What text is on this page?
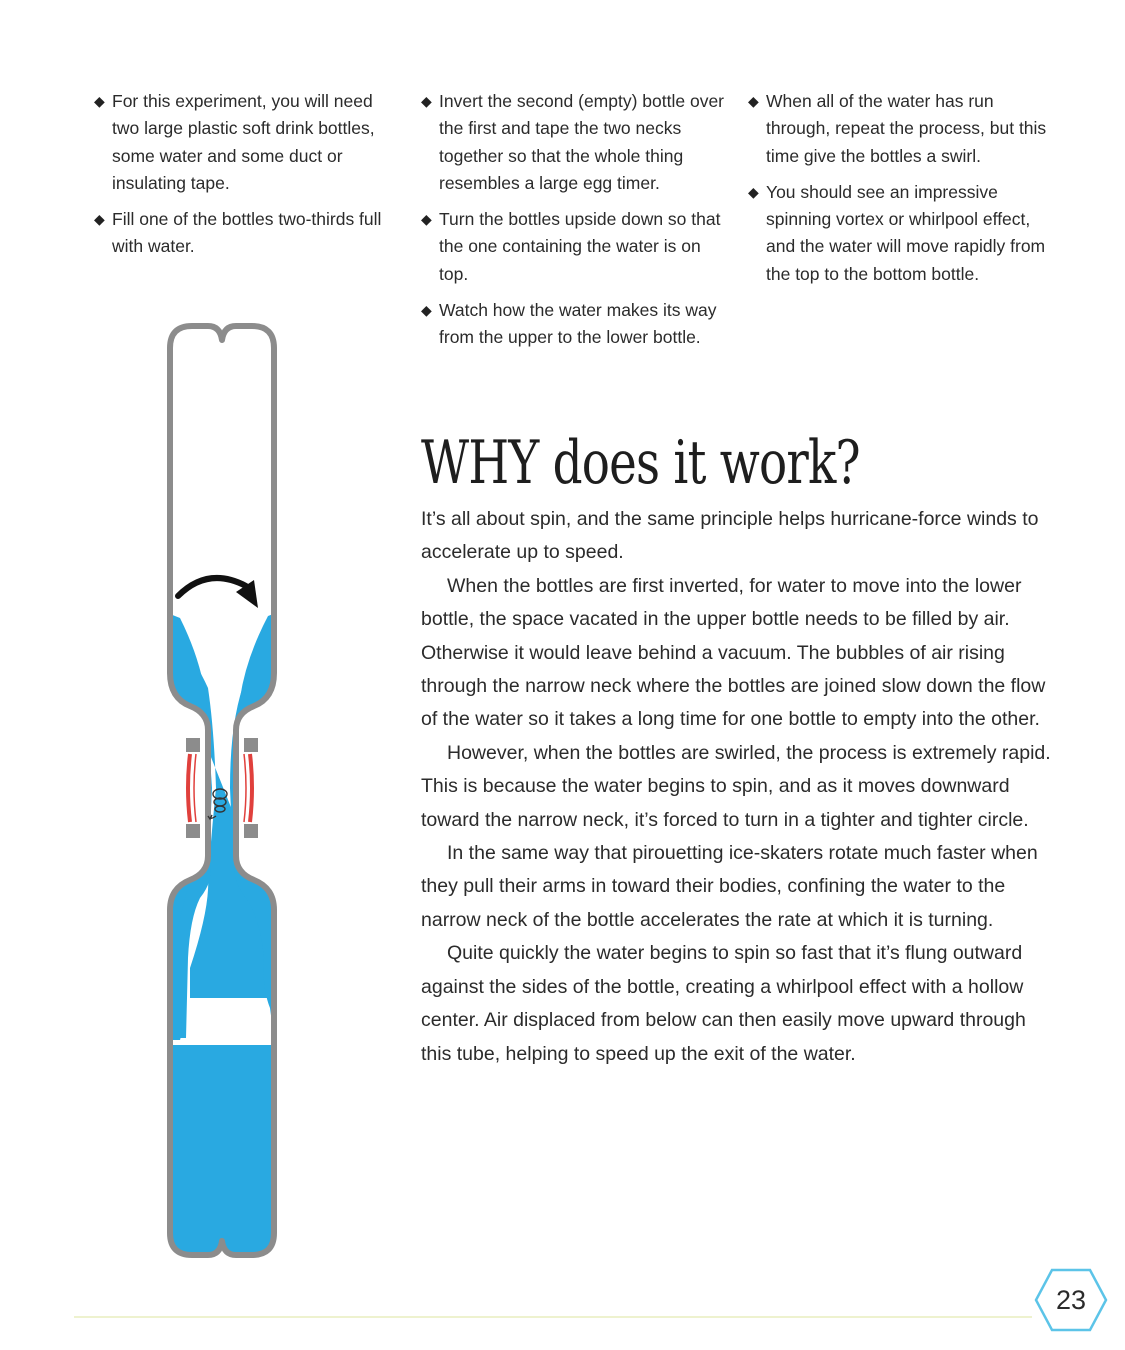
◆ For this experiment, you will need two large plastic soft drink bottles, some water and some duct or insulating tape.
◆ Fill one of the bottles two-thirds full with water.
◆ Invert the second (empty) bottle over the first and tape the two necks together so that the whole thing resembles a large egg timer.
◆ Turn the bottles upside down so that the one containing the water is on top.
◆ Watch how the water makes its way from the upper to the lower bottle.
◆ When all of the water has run through, repeat the process, but this time give the bottles a swirl.
◆ You should see an impressive spinning vortex or whirlpool effect, and the water will move rapidly from the top to the bottom bottle.
WHY does it work?

It’s all about spin, and the same principle helps hurricane-force winds to accelerate up to speed.

When the bottles are first inverted, for water to move into the lower bottle, the space vacated in the upper bottle needs to be filled by air. Otherwise it would leave behind a vacuum. The bubbles of air rising through the narrow neck where the bottles are joined slow down the flow of the water so it takes a long time for one bottle to empty into the other.

However, when the bottles are swirled, the process is extremely rapid. This is because the water begins to spin, and as it moves downward toward the narrow neck, it’s forced to turn in a tighter and tighter circle.

In the same way that pirouetting ice-skaters rotate much faster when they pull their arms in toward their bodies, confining the water to the narrow neck of the bottle accelerates the rate at which it is turning.

Quite quickly the water begins to spin so fast that it’s flung outward against the sides of the bottle, creating a whirlpool effect with a hollow center. Air displaced from below can then easily move upward through this tube, helping to speed up the exit of the water.

23
